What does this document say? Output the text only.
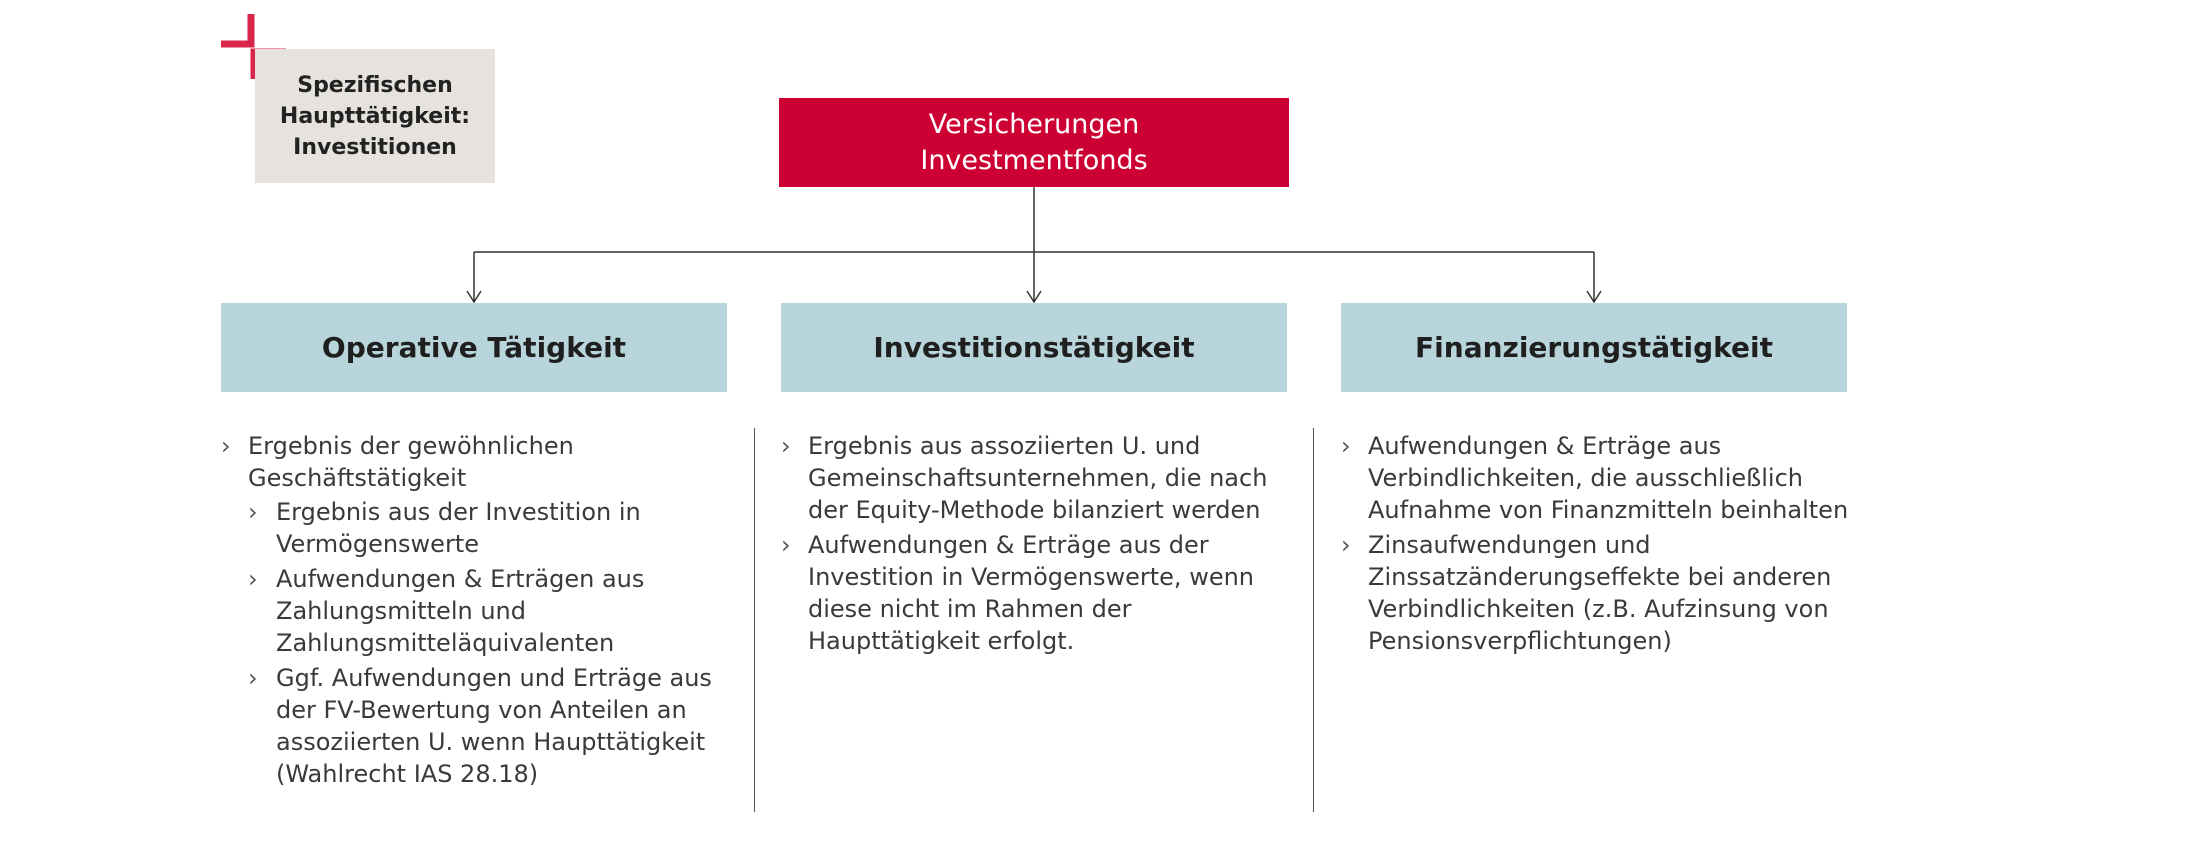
Spezifischen
Haupttätigkeit:
Investitionen
Versicherungen
Investmentfonds
Operative Tätigkeit	Investitionstätigkeit	Finanzierungstätigkeit
› Ergebnis der gewöhnlichen Geschäftstätigkeit
› Ergebnis aus der Investition in Vermögenswerte
› Aufwendungen & Erträgen aus Zahlungsmitteln und Zahlungsmitteläquivalenten
› Ggf. Aufwendungen und Erträge aus der FV-Bewertung von Anteilen an assoziierten U. wenn Haupttätigkeit (Wahlrecht IAS 28.18)
› Ergebnis aus assoziierten U. und Gemeinschaftsunternehmen, die nach der Equity-Methode bilanziert werden
› Aufwendungen & Erträge aus der Investition in Vermögenswerte, wenn diese nicht im Rahmen der Haupttätigkeit erfolgt.
› Aufwendungen & Erträge aus Verbindlichkeiten, die ausschließlich Aufnahme von Finanzmitteln beinhalten
› Zinsaufwendungen und Zinssatzänderungseffekte bei anderen Verbindlichkeiten (z.B. Aufzinsung von Pensionsverpflichtungen)
